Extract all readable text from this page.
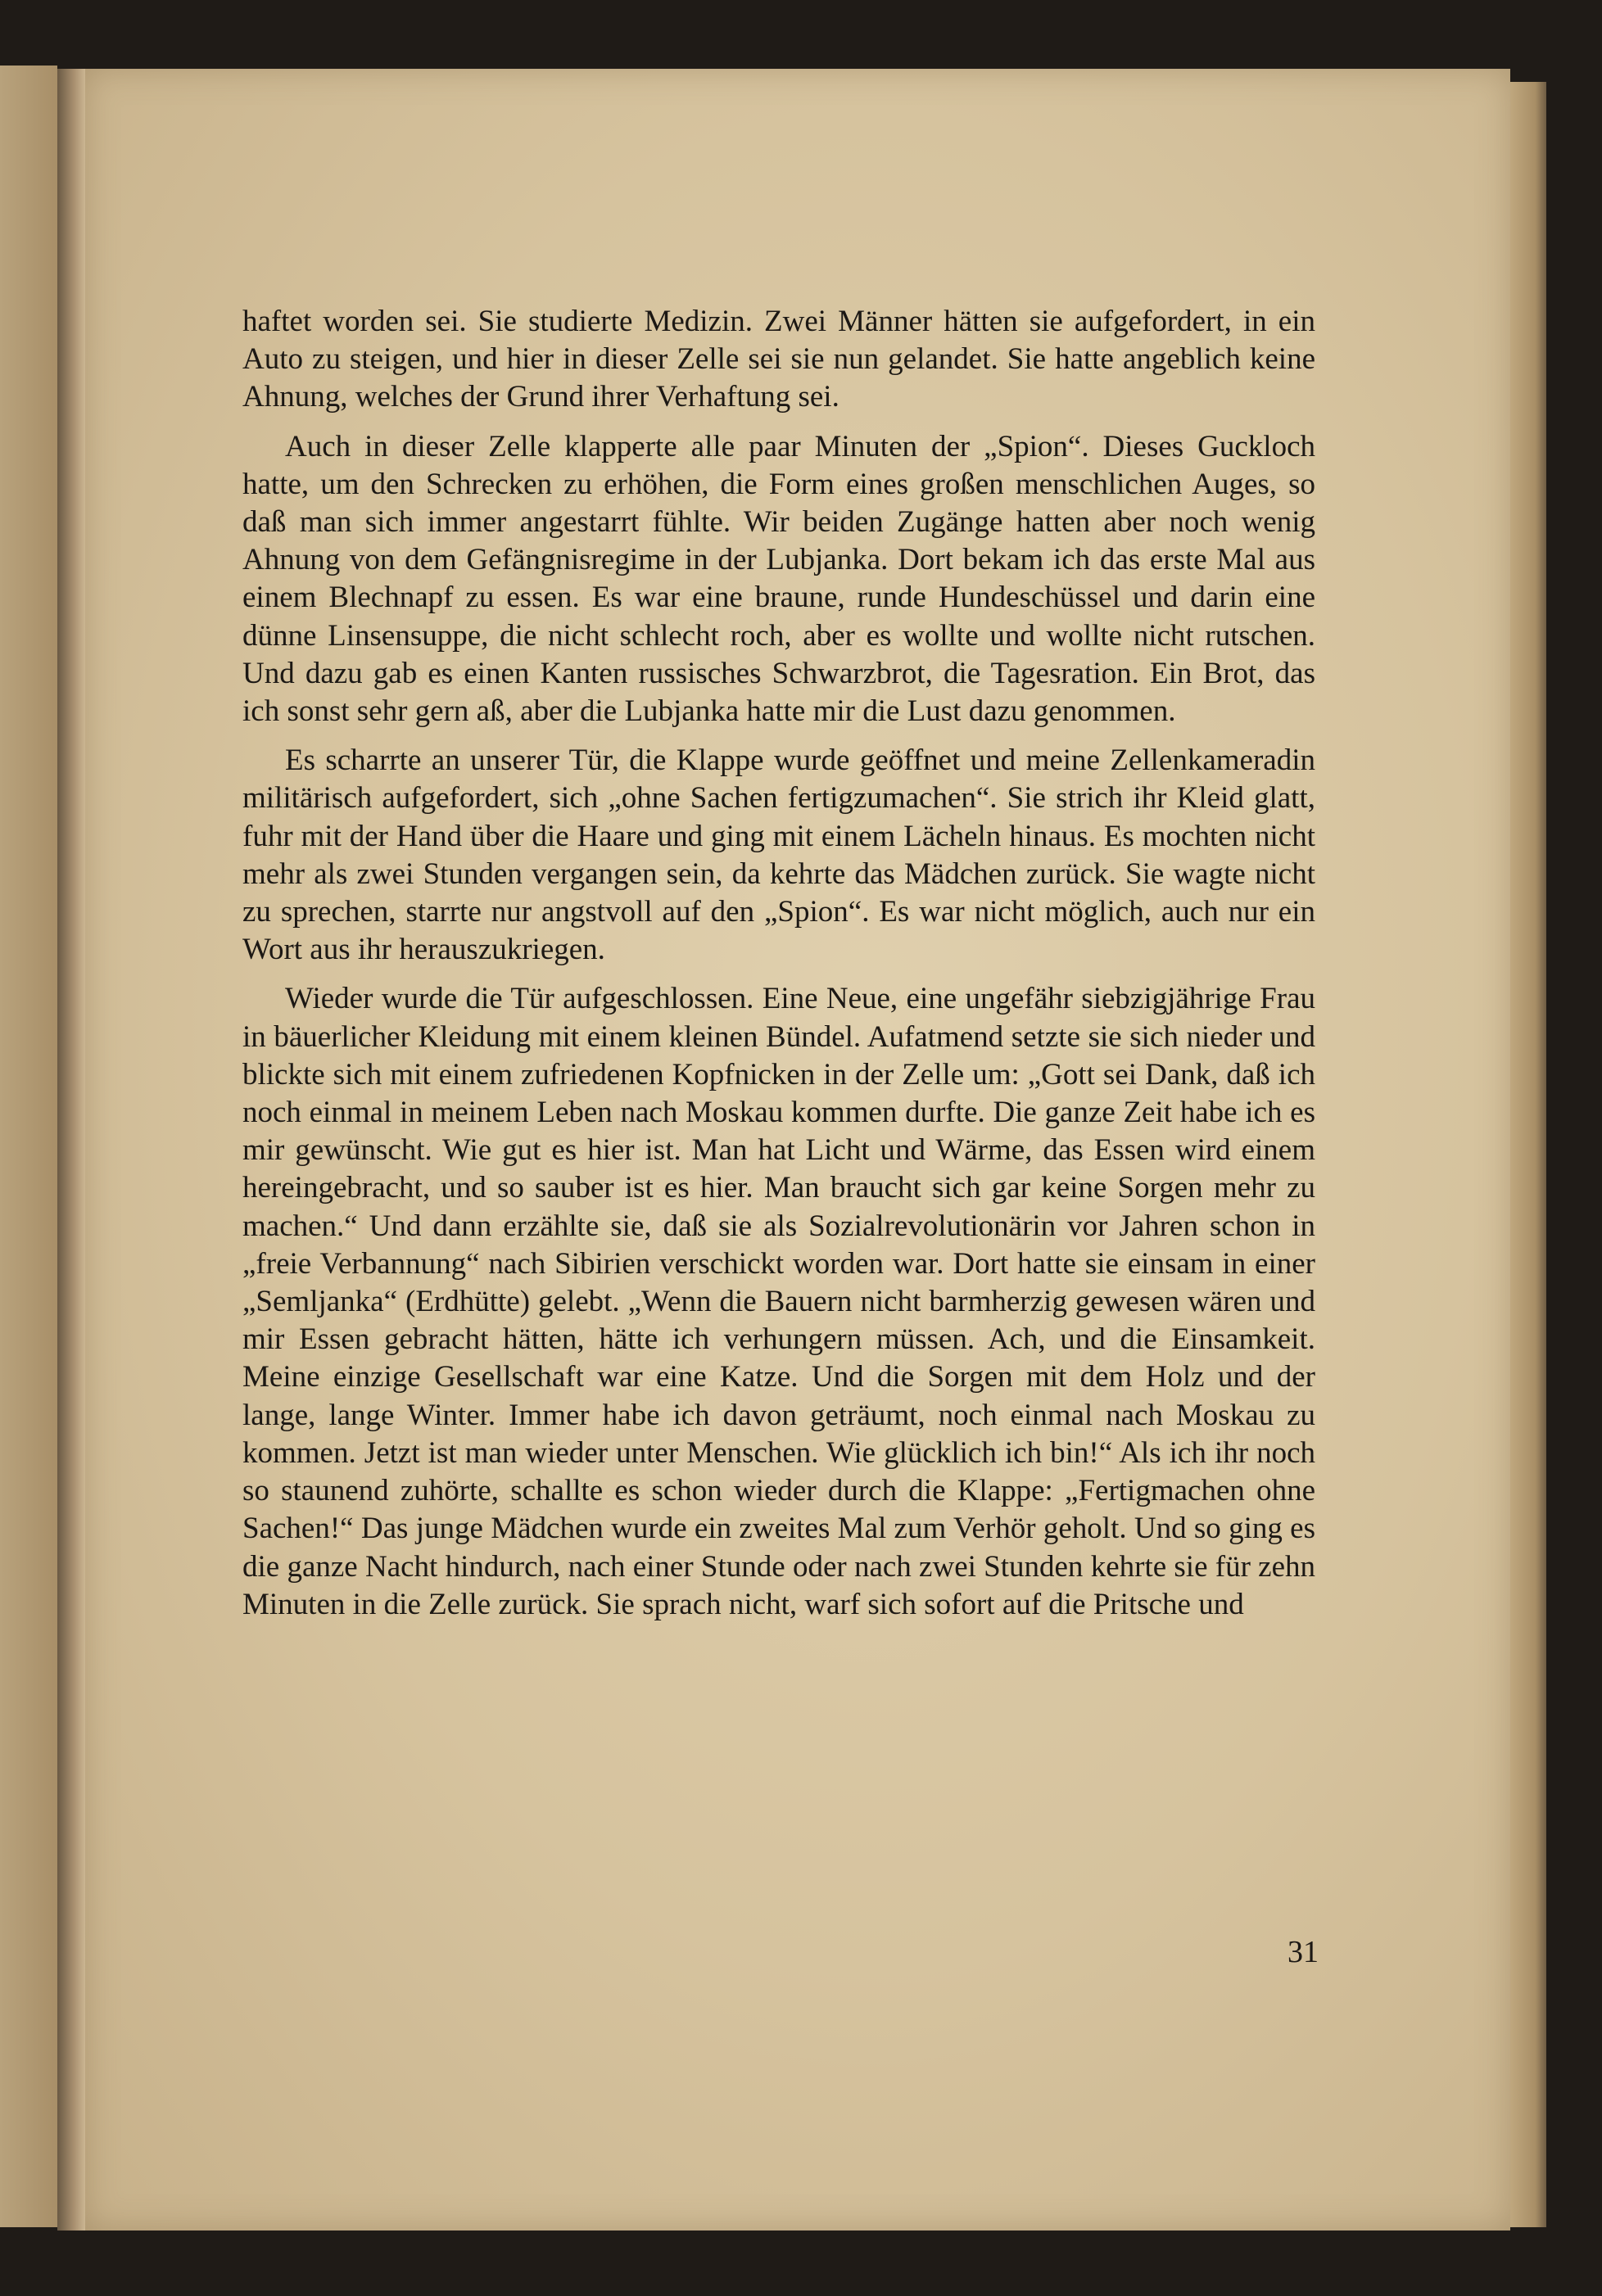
haftet worden sei. Sie studierte Medizin. Zwei Männer hätten sie aufgefordert, in ein Auto zu steigen, und hier in dieser Zelle sei sie nun gelandet. Sie hatte angeblich keine Ahnung, welches der Grund ihrer Verhaftung sei.

Auch in dieser Zelle klapperte alle paar Minuten der „Spion“. Dieses Guckloch hatte, um den Schrecken zu erhöhen, die Form eines großen menschlichen Auges, so daß man sich immer angestarrt fühlte. Wir beiden Zugänge hatten aber noch wenig Ahnung von dem Gefängnisregime in der Lubjanka. Dort bekam ich das erste Mal aus einem Blechnapf zu essen. Es war eine braune, runde Hundeschüssel und darin eine dünne Linsensuppe, die nicht schlecht roch, aber es wollte und wollte nicht rutschen. Und dazu gab es einen Kanten russisches Schwarzbrot, die Tagesration. Ein Brot, das ich sonst sehr gern aß, aber die Lubjanka hatte mir die Lust dazu genommen.

Es scharrte an unserer Tür, die Klappe wurde geöffnet und meine Zellenkameradin militärisch aufgefordert, sich „ohne Sachen fertigzumachen“. Sie strich ihr Kleid glatt, fuhr mit der Hand über die Haare und ging mit einem Lächeln hinaus. Es mochten nicht mehr als zwei Stunden vergangen sein, da kehrte das Mädchen zurück. Sie wagte nicht zu sprechen, starrte nur angstvoll auf den „Spion“. Es war nicht möglich, auch nur ein Wort aus ihr herauszukriegen.

Wieder wurde die Tür aufgeschlossen. Eine Neue, eine ungefähr siebzigjährige Frau in bäuerlicher Kleidung mit einem kleinen Bündel. Aufatmend setzte sie sich nieder und blickte sich mit einem zufriedenen Kopfnicken in der Zelle um: „Gott sei Dank, daß ich noch einmal in meinem Leben nach Moskau kommen durfte. Die ganze Zeit habe ich es mir gewünscht. Wie gut es hier ist. Man hat Licht und Wärme, das Essen wird einem hereingebracht, und so sauber ist es hier. Man braucht sich gar keine Sorgen mehr zu machen.“ Und dann erzählte sie, daß sie als Sozialrevolutionärin vor Jahren schon in „freie Verbannung“ nach Sibirien verschickt worden war. Dort hatte sie einsam in einer „Semljanka“ (Erdhütte) gelebt. „Wenn die Bauern nicht barmherzig gewesen wären und mir Essen gebracht hätten, hätte ich verhungern müssen. Ach, und die Einsamkeit. Meine einzige Gesellschaft war eine Katze. Und die Sorgen mit dem Holz und der lange, lange Winter. Immer habe ich davon geträumt, noch einmal nach Moskau zu kommen. Jetzt ist man wieder unter Menschen. Wie glücklich ich bin!“ Als ich ihr noch so staunend zuhörte, schallte es schon wieder durch die Klappe: „Fertigmachen ohne Sachen!“ Das junge Mädchen wurde ein zweites Mal zum Verhör geholt. Und so ging es die ganze Nacht hindurch, nach einer Stunde oder nach zwei Stunden kehrte sie für zehn Minuten in die Zelle zurück. Sie sprach nicht, warf sich sofort auf die Pritsche und

31
